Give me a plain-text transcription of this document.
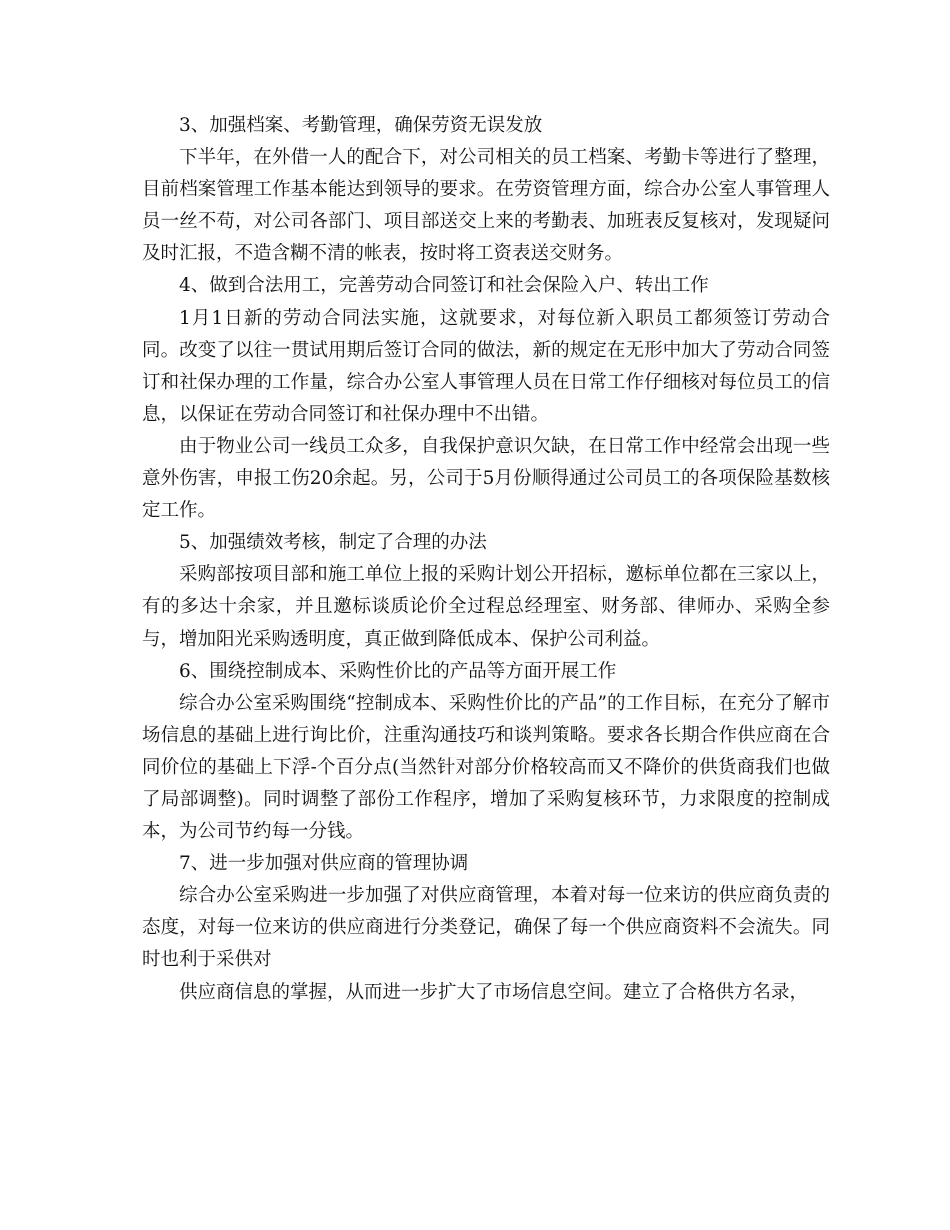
3、加强档案、考勤管理，确保劳资无误发放

下半年，在外借一人的配合下，对公司相关的员工档案、考勤卡等进行了整理，目前档案管理工作基本能达到领导的要求。在劳资管理方面，综合办公室人事管理人员一丝不苟，对公司各部门、项目部送交上来的考勤表、加班表反复核对，发现疑问及时汇报，不造含糊不清的帐表，按时将工资表送交财务。

4、做到合法用工，完善劳动合同签订和社会保险入户、转出工作

1月1日新的劳动合同法实施，这就要求，对每位新入职员工都须签订劳动合同。改变了以往一贯试用期后签订合同的做法，新的规定在无形中加大了劳动合同签订和社保办理的工作量，综合办公室人事管理人员在日常工作仔细核对每位员工的信息，以保证在劳动合同签订和社保办理中不出错。

由于物业公司一线员工众多，自我保护意识欠缺，在日常工作中经常会出现一些意外伤害，申报工伤20余起。另，公司于5月份顺得通过公司员工的各项保险基数核定工作。

5、加强绩效考核，制定了合理的办法

采购部按项目部和施工单位上报的采购计划公开招标，邀标单位都在三家以上，有的多达十余家，并且邀标谈质论价全过程总经理室、财务部、律师办、采购全参与，增加阳光采购透明度，真正做到降低成本、保护公司利益。

6、围绕控制成本、采购性价比的产品等方面开展工作

综合办公室采购围绕“控制成本、采购性价比的产品”的工作目标，在充分了解市场信息的基础上进行询比价，注重沟通技巧和谈判策略。要求各长期合作供应商在合同价位的基础上下浮-个百分点(当然针对部分价格较高而又不降价的供货商我们也做了局部调整)。同时调整了部份工作程序，增加了采购复核环节，力求限度的控制成本，为公司节约每一分钱。

7、进一步加强对供应商的管理协调

综合办公室采购进一步加强了对供应商管理，本着对每一位来访的供应商负责的态度，对每一位来访的供应商进行分类登记，确保了每一个供应商资料不会流失。同时也利于采供对

供应商信息的掌握，从而进一步扩大了市场信息空间。建立了合格供方名录，
